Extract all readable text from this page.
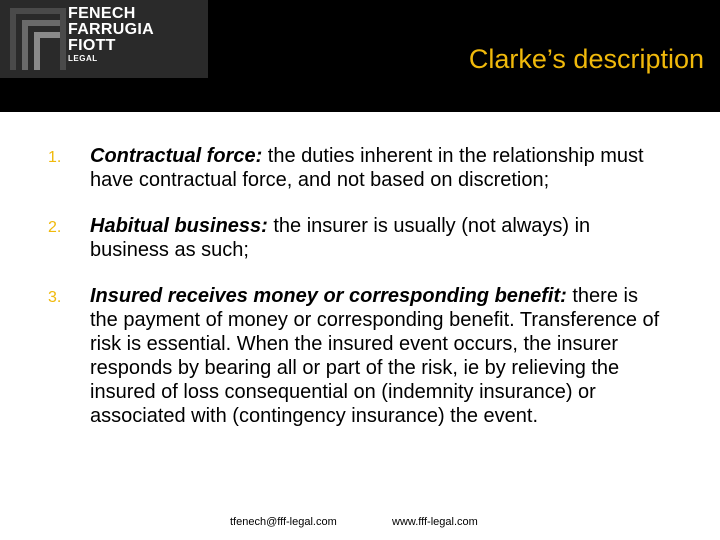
FENECH
FARRUGIA
FIOTT
LEGAL	Clarke’s description
1. Contractual force: the duties inherent in the relationship must have contractual force, and not based on discretion;
2. Habitual business: the insurer is usually (not always) in business as such;
3. Insured receives money or corresponding benefit: there is the payment of money or corresponding benefit. Transference of risk is essential. When the insured event occurs, the insurer responds by bearing all or part of the risk, ie by relieving the insured of loss consequential on (indemnity insurance) or associated with (contingency insurance) the event.
tfenech@fff-legal.com	www.fff-legal.com
